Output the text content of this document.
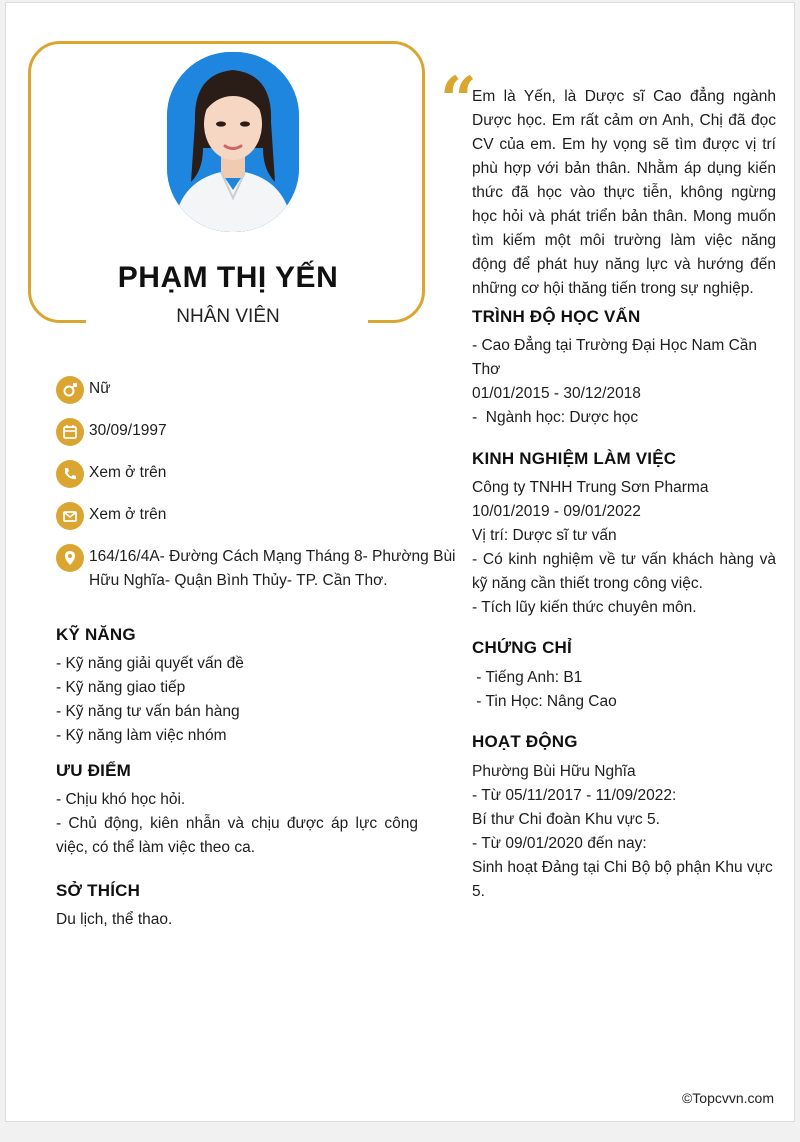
PHẠM THỊ YẾN
NHÂN VIÊN
Nữ
30/09/1997
Xem ở trên
Xem ở trên
164/16/4A- Đường Cách Mạng Tháng 8- Phường Bùi Hữu Nghĩa- Quận Bình Thủy- TP. Cần Thơ.
KỸ NĂNG
- Kỹ năng giải quyết vấn đề
- Kỹ năng giao tiếp
- Kỹ năng tư vấn bán hàng
- Kỹ năng làm việc nhóm
ƯU ĐIỂM
- Chịu khó học hỏi.
- Chủ động, kiên nhẫn và chịu được áp lực công việc, có thể làm việc theo ca.
SỞ THÍCH
Du lịch, thể thao.
“
Em là Yến, là Dược sĩ Cao đẳng ngành Dược học. Em rất cảm ơn Anh, Chị đã đọc CV của em. Em hy vọng sẽ tìm được vị trí phù hợp với bản thân. Nhằm áp dụng kiến thức đã học vào thực tiễn, không ngừng học hỏi và phát triển bản thân. Mong muốn tìm kiếm một môi trường làm việc năng động để phát huy năng lực và hướng đến những cơ hội thăng tiến trong sự nghiệp.
TRÌNH ĐỘ HỌC VẤN
- Cao Đẳng tại Trường Đại Học Nam Cần Thơ
01/01/2015 - 30/12/2018
-  Ngành học: Dược học
KINH NGHIỆM LÀM VIỆC
Công ty TNHH Trung Sơn Pharma
10/01/2019 - 09/01/2022
Vị trí: Dược sĩ tư vấn
- Có kinh nghiệm về tư vấn khách hàng và kỹ năng cần thiết trong công việc.
- Tích lũy kiến thức chuyên môn.
CHỨNG CHỈ
- Tiếng Anh: B1
- Tin Học: Nâng Cao
HOẠT ĐỘNG
Phường Bùi Hữu Nghĩa
- Từ 05/11/2017 - 11/09/2022:
Bí thư Chi đoàn Khu vực 5.
- Từ 09/01/2020 đến nay:
Sinh hoạt Đảng tại Chi Bộ bộ phận Khu vực 5.
©Topcvvn.com
